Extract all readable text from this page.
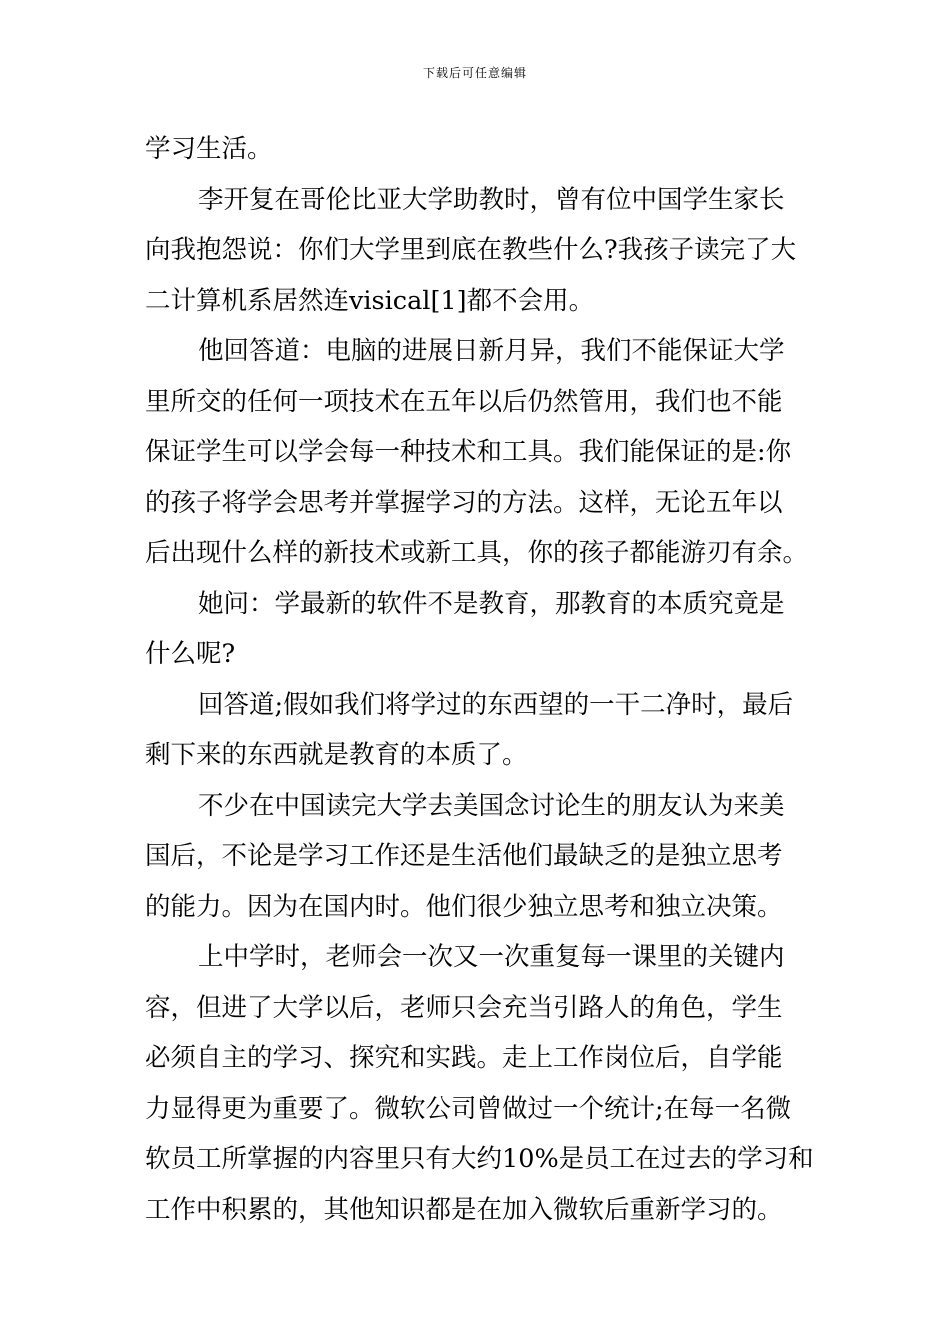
下载后可任意编辑
学习生活。
李开复在哥伦比亚大学助教时，曾有位中国学生家长
向我抱怨说：你们大学里到底在教些什么?我孩子读完了大
二计算机系居然连visical[1]都不会用。
他回答道：电脑的进展日新月异，我们不能保证大学
里所交的任何一项技术在五年以后仍然管用，我们也不能
保证学生可以学会每一种技术和工具。我们能保证的是:你
的孩子将学会思考并掌握学习的方法。这样，无论五年以
后出现什么样的新技术或新工具，你的孩子都能游刃有余。
她问：学最新的软件不是教育，那教育的本质究竟是
什么呢?
回答道;假如我们将学过的东西望的一干二净时，最后
剩下来的东西就是教育的本质了。
不少在中国读完大学去美国念讨论生的朋友认为来美
国后，不论是学习工作还是生活他们最缺乏的是独立思考
的能力。因为在国内时。他们很少独立思考和独立决策。
上中学时，老师会一次又一次重复每一课里的关键内
容，但进了大学以后，老师只会充当引路人的角色，学生
必须自主的学习、探究和实践。走上工作岗位后，自学能
力显得更为重要了。微软公司曾做过一个统计;在每一名微
软员工所掌握的内容里只有大约10%是员工在过去的学习和
工作中积累的，其他知识都是在加入微软后重新学习的。
